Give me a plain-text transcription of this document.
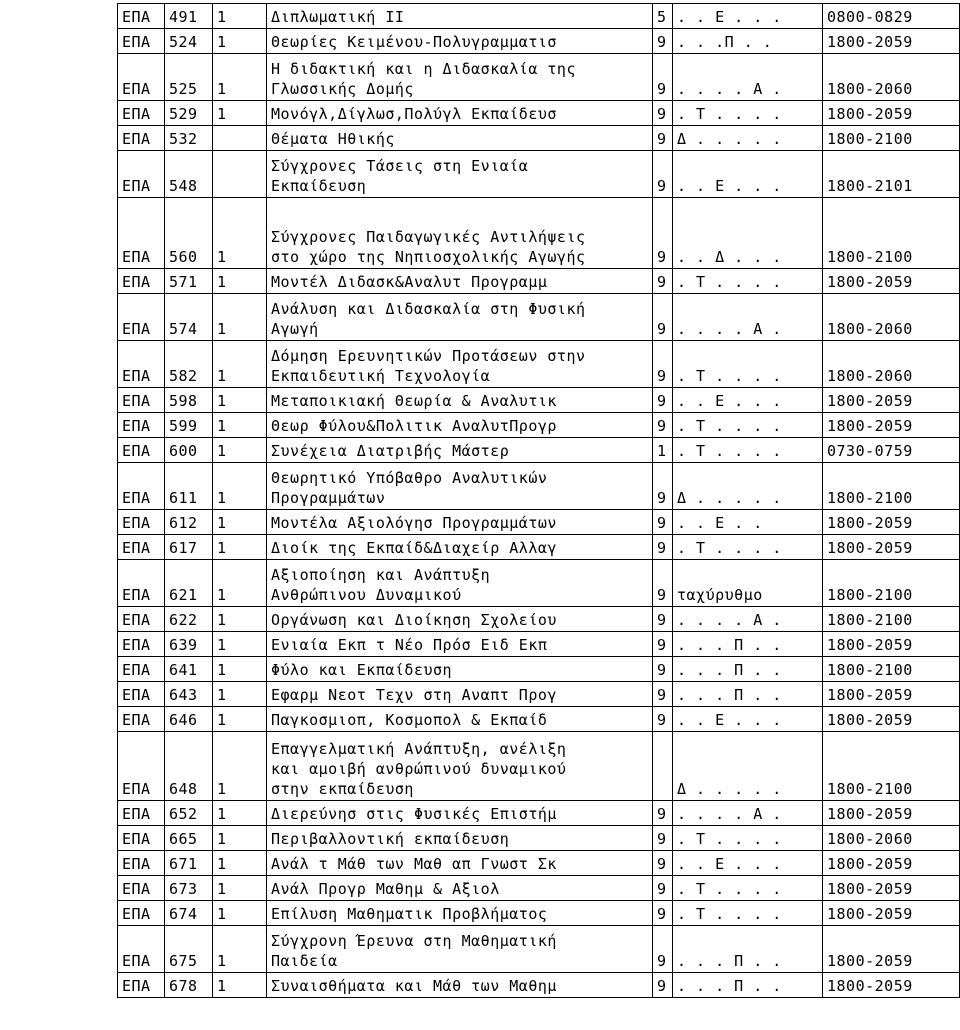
ΕΠΑ	491	1	Διπλωματική ΙΙ	5	. . Ε . . .	0800-0829
ΕΠΑ	524	1	Θεωρίες Κειμένου-Πολυγραμματισ	9	. . .Π . .	1800-2059
ΕΠΑ	525	1	Η διδακτική και η Διδασκαλία της
Γλωσσικής Δομής	9	. . . . Α .	1800-2060
ΕΠΑ	529	1	Μονόγλ,Δίγλωσ,Πολύγλ Εκπαίδευσ	9	. Τ . . . .	1800-2059
ΕΠΑ	532		Θέματα Ηθικής	9	Δ . . . . .	1800-2100
ΕΠΑ	548		Σύγχρονες Τάσεις στη Ενιαία
Εκπαίδευση	9	. . Ε . . .	1800-2101
ΕΠΑ	560	1	
Σύγχρονες Παιδαγωγικές Αντιλήψεις
στο χώρο της Νηπιοσχολικής Αγωγής	9	. . Δ . . .	1800-2100
ΕΠΑ	571	1	Μοντέλ Διδασκ&Αναλυτ Προγραμμ	9	. Τ . . . .	1800-2059
ΕΠΑ	574	1	Ανάλυση και Διδασκαλία στη Φυσική
Αγωγή	9	. . . . Α .	1800-2060
ΕΠΑ	582	1	Δόμηση Ερευνητικών Προτάσεων στην
Εκπαιδευτική Τεχνολογία	9	. Τ . . . .	1800-2060
ΕΠΑ	598	1	Μεταποικιακή Θεωρία & Αναλυτικ	9	. . Ε . . .	1800-2059
ΕΠΑ	599	1	Θεωρ Φύλου&Πολιτικ ΑναλυτΠρογρ	9	. Τ . . . .	1800-2059
ΕΠΑ	600	1	Συνέχεια Διατριβής Μάστερ	1	. Τ . . . .	0730-0759
ΕΠΑ	611	1	Θεωρητικό Υπόβαθρο Αναλυτικών
Προγραμμάτων	9	Δ . . . . .	1800-2100
ΕΠΑ	612	1	Μοντέλα Αξιολόγησ Προγραμμάτων	9	. . Ε . .	1800-2059
ΕΠΑ	617	1	Διοίκ της Εκπαίδ&Διαχείρ Αλλαγ	9	. Τ . . . .	1800-2059
ΕΠΑ	621	1	Αξιοποίηση και Ανάπτυξη
Ανθρώπινου Δυναμικού	9	ταχύρυθμο	1800-2100
ΕΠΑ	622	1	Οργάνωση και Διοίκηση Σχολείου	9	. . . . Α .	1800-2100
ΕΠΑ	639	1	Ενιαία Εκπ τ Νέο Πρόσ Ειδ Εκπ	9	. . . Π . .	1800-2059
ΕΠΑ	641	1	Φύλο και Εκπαίδευση	9	. . . Π . .	1800-2100
ΕΠΑ	643	1	Εφαρμ Νεοτ Τεχν στη Αναπτ Προγ	9	. . . Π . .	1800-2059
ΕΠΑ	646	1	Παγκοσμιοπ, Κοσμοπολ & Εκπαίδ	9	. . Ε . . .	1800-2059
ΕΠΑ	648	1	Επαγγελματική Ανάπτυξη, ανέλιξη
και αμοιβή ανθρώπινού δυναμικού
στην εκπαίδευση		Δ . . . . .	1800-2100
ΕΠΑ	652	1	Διερεύνησ στις Φυσικές Επιστήμ	9	. . . . Α .	1800-2059
ΕΠΑ	665	1	Περιβαλλοντική εκπαίδευση	9	. Τ . . . .	1800-2060
ΕΠΑ	671	1	Ανάλ τ Μάθ των Μαθ απ Γνωστ Σκ	9	. . Ε . . .	1800-2059
ΕΠΑ	673	1	Ανάλ Προγρ Μαθημ & Αξιολ	9	. Τ . . . .	1800-2059
ΕΠΑ	674	1	Επίλυση Μαθηματικ Προβλήματος	9	. Τ . . . .	1800-2059
ΕΠΑ	675	1	Σύγχρονη Έρευνα στη Μαθηματική
Παιδεία	9	. . . Π . .	1800-2059
ΕΠΑ	678	1	Συναισθήματα και Μάθ των Μαθημ	9	. . . Π . .	1800-2059
